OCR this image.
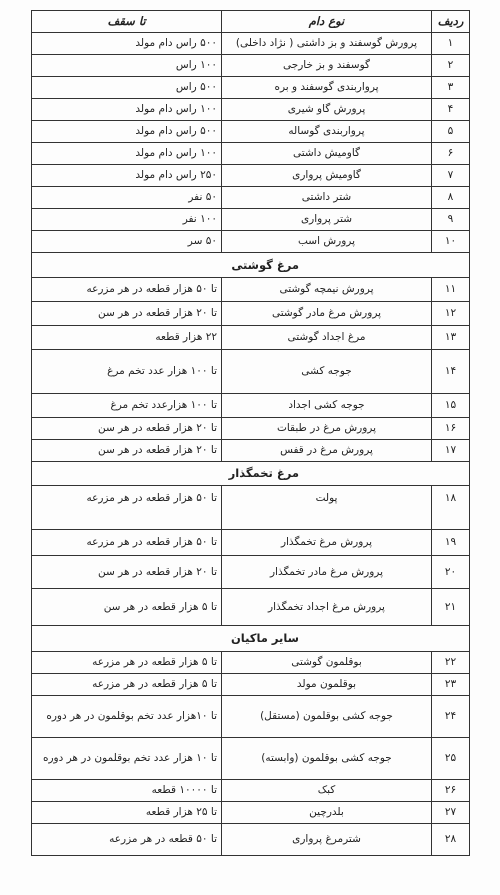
ردیف	نوع دام	تا سقف
۱	پرورش گوسفند و بز داشتی ( نژاد داخلی)	۵۰۰ راس دام مولد
۲	گوسفند و بز خارجی	۱۰۰ راس
۳	پرواربندی گوسفند و بره	۵۰۰ راس
۴	پرورش گاو شیری	۱۰۰ راس دام مولد
۵	پرواربندی گوساله	۵۰۰ راس دام مولد
۶	گاومیش داشتی	۱۰۰ راس دام مولد
۷	گاومیش پرواری	۲۵۰ راس دام مولد
۸	شتر داشتی	۵۰ نفر
۹	شتر پرواری	۱۰۰ نفر
۱۰	پرورش اسب	۵۰ سر
مرغ گوشتی		
۱۱	پرورش نیمچه گوشتی	تا ۵۰ هزار قطعه در هر مزرعه
۱۲	پرورش مرغ مادر گوشتی	تا ۲۰ هزار قطعه در هر سن
۱۳	مرغ اجداد گوشتی	۲۲ هزار قطعه
۱۴	جوجه کشی	تا ۱۰۰ هزار عدد تخم مرغ
۱۵	جوجه کشی اجداد	تا ۱۰۰ هزارعدد تخم مرغ
۱۶	پرورش مرغ در طبقات	تا ۲۰ هزار قطعه در هر سن
۱۷	پرورش مرغ در قفس	تا ۲۰ هزار قطعه در هر سن
مرغ تخمگذار		
۱۸	پولت	تا ۵۰ هزار قطعه در هر مزرعه
۱۹	پرورش مرغ تخمگذار	تا ۵۰ هزار قطعه در هر مزرعه
۲۰	پرورش مرغ مادر تخمگذار	تا ۲۰ هزار قطعه در هر سن
۲۱	پرورش مرغ اجداد تخمگذار	تا ۵ هزار قطعه در هر سن
سایر ماکیان		
۲۲	بوقلمون گوشتی	تا ۵ هزار قطعه در هر مزرعه
۲۳	بوقلمون مولد	تا ۵ هزار قطعه در هر مزرعه
۲۴	جوجه کشی بوقلمون (مستقل)	تا ۱۰هزار عدد تخم بوقلمون در هر دوره
۲۵	جوجه کشی بوقلمون (وابسته)	تا ۱۰ هزار عدد تخم بوقلمون در هر دوره
۲۶	کبک	تا ۱۰۰۰۰ قطعه
۲۷	بلدرچین	تا ۲۵ هزار قطعه
۲۸	شترمرغ پرواری	تا ۵۰ قطعه در هر مزرعه
